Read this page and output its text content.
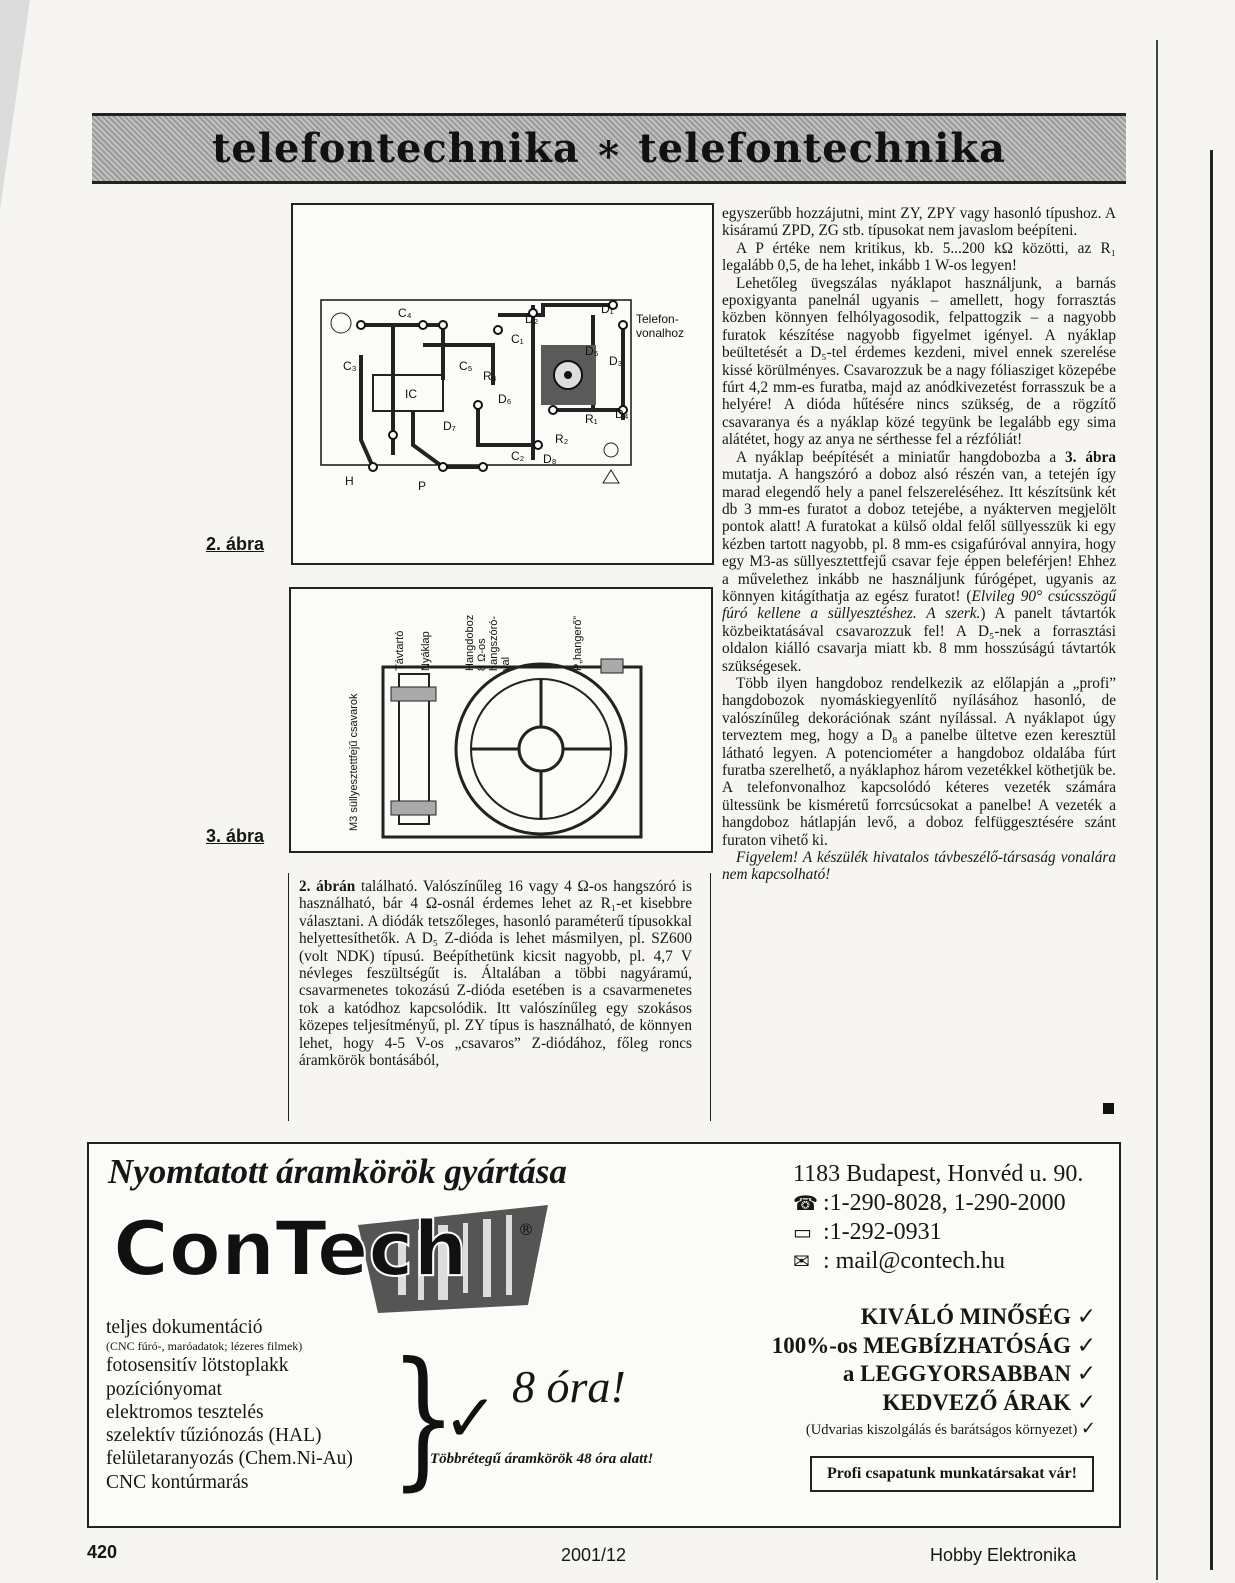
telefontechnika ∗ telefontechnika
IC
C₄
C₁
C₃	C₅
C₂
D₁
D₂
D₃
D₄
D₅
D₆
D₇
D₈
R₁
R₂
R₃
H	P
Telefon-
vonalhoz
2. ábra
M3 süllyesztettfejű csavarok
Távtartó Nyáklap	Hangdoboz 8 Ω-os hangszóró- val	P„hangerő”
3. ábra

egyszerűbb hozzájutni, mint ZY, ZPY vagy hasonló típushoz. A kisáramú ZPD, ZG stb. típusokat nem javaslom beépíteni.

A P értéke nem kritikus, kb. 5...200 kΩ közötti, az R₁ legalább 0,5, de ha lehet, inkább 1 W-os legyen!

Lehetőleg üvegszálas nyáklapot használjunk, a barnás epoxigyanta panelnál ugyanis – amellett, hogy forrasztás közben könnyen felhólyagosodik, felpattogzik – a nagyobb furatok készítése nagyobb figyelmet igényel. A nyáklap beültetését a D₅-tel érdemes kezdeni, mivel ennek szerelése kissé körülményes. Csavarozzuk be a nagy fóliasziget közepébe fúrt 4,2 mm-es furatba, majd az anódkivezetést forrasszuk be a helyére! A dióda hűtésére nincs szükség, de a rögzítő csavaranya és a nyáklap közé tegyünk be legalább egy sima alátétet, hogy az anya ne sérthesse fel a rézfóliát!

A nyáklap beépítését a miniatűr hangdobozba a 3. ábra mutatja. A hangszóró a doboz alsó részén van, a tetején így marad elegendő hely a panel felszereléséhez. Itt készítsünk két db 3 mm-es furatot a doboz tetejébe, a nyákterven megjelölt pontok alatt! A furatokat a külső oldal felől süllyesszük ki egy kézben tartott nagyobb, pl. 8 mm-es csigafúróval annyira, hogy egy M3-as süllyesztettfejű csavar feje éppen beleférjen! Ehhez a művelethez inkább ne használjunk fúrógépet, ugyanis az könnyen kitágíthatja az egész furatot! (Elvileg 90° csúcsszögű fúró kellene a süllyesztéshez. A szerk.) A panelt távtartók közbeiktatásával csavarozzuk fel! A D₅-nek a forrasztási oldalon kiálló csavarja miatt kb. 8 mm hosszúságú távtartók szükségesek.

Több ilyen hangdoboz rendelkezik az előlapján a „profi” hangdobozok nyomáskiegyenlítő nyílásához hasonló, de valószínűleg dekorációnak szánt nyílással. A nyáklapot úgy terveztem meg, hogy a D₈ a panelbe ültetve ezen keresztül látható legyen. A potenciométer a hangdoboz oldalába fúrt furatba szerelhető, a nyáklaphoz három vezetékkel köthetjük be. A telefonvonalhoz kapcsolódó kéteres vezeték számára ültessünk be kisméretű forrcsúcsokat a panelbe! A vezeték a hangdoboz hátlapján levő, a doboz felfüggesztésére szánt furaton vihető ki.

Figyelem! A készülék hivatalos távbeszélő-társaság vonalára nem kapcsolható!

2. ábrán található. Valószínűleg 16 vagy 4 Ω-os hangszóró is használható, bár 4 Ω-osnál érdemes lehet az R₁-et kisebbre választani. A diódák tetszőleges, hasonló paraméterű típusokkal helyettesíthetők. A D₅ Z-dióda is lehet másmilyen, pl. SZ600 (volt NDK) típusú. Beépíthetünk kicsit nagyobb, pl. 4,7 V névleges feszültségűt is. Általában a többi nagyáramú, csavarmenetes tokozású Z-dióda esetében is a csavarmenetes tok a katódhoz kapcsolódik. Itt valószínűleg egy szokásos közepes teljesítményű, pl. ZY típus is használható, de könnyen lehet, hogy 4-5 V-os „csavaros” Z-diódához, főleg roncs áramkörök bontásából,

Nyomtatott áramkörök gyártása
ConTech	®
1183 Budapest, Honvéd u. 90.
☎ :1-290-8028, 1-290-2000
▭ :1-292-0931
✉ : mail@contech.hu
teljes dokumentáció
(CNC fúró-, maróadatok; lézeres filmek)
fotosensitív lötstoplakk
pozíciónyomat
elektromos tesztelés
szelektív tűziónozás (HAL)
felületaranyozás (Chem.Ni-Au)
CNC kontúrmarás }
✓ 8 óra!
Többrétegű áramkörök 48 óra alatt!
KIVÁLÓ MINŐSÉG ✓
100%-os MEGBÍZHATÓSÁG ✓
a LEGGYORSABBAN ✓
KEDVEZŐ ÁRAK ✓
(Udvarias kiszolgálás és barátságos környezet) ✓
Profi csapatunk munkatársakat vár!
420	2001/12	Hobby Elektronika
